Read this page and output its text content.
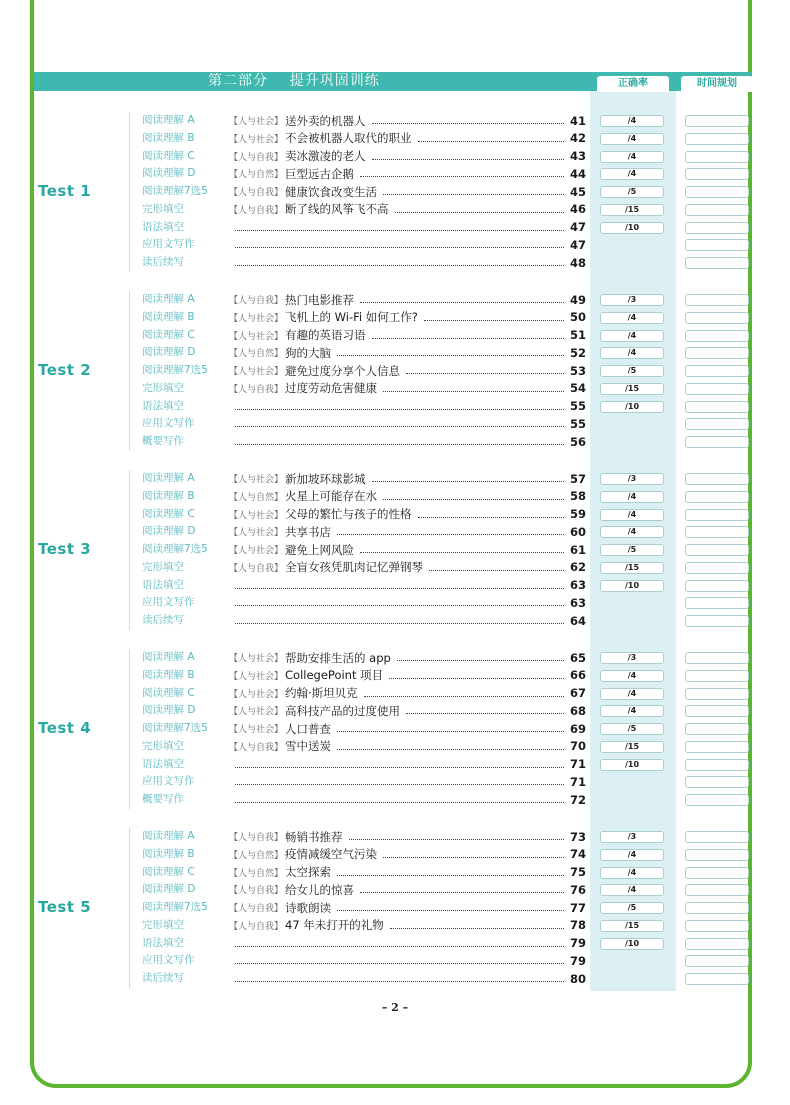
第二部分    提升巩固训练	正确率	时间规划
Test 1
阅读理解 A	【人与社会】 送外卖的机器人	41	/4
阅读理解 B	【人与社会】 不会被机器人取代的职业	42	/4
阅读理解 C	【人与自我】 卖冰激凌的老人	43	/4
阅读理解 D	【人与自然】 巨型远古企鹅	44	/4
阅读理解7选5 【人与自我】 健康饮食改变生活	45	/5
完形填空	【人与自我】 断了线的风筝飞不高	46	/15
语法填空	47	/10
应用文写作	47
读后续写	48
Test 2
阅读理解 A	【人与自我】 热门电影推荐	49	/3
阅读理解 B	【人与社会】 飞机上的 Wi-Fi 如何工作?	50	/4
阅读理解 C	【人与社会】 有趣的英语习语	51	/4
阅读理解 D	【人与自然】 狗的大脑	52	/4
阅读理解7选5 【人与社会】 避免过度分享个人信息	53	/5
完形填空	【人与自我】 过度劳动危害健康	54	/15
语法填空	55	/10
应用文写作	55
概要写作	56
Test 3
阅读理解 A	【人与社会】 新加坡环球影城	57	/3
阅读理解 B	【人与自然】 火星上可能存在水	58	/4
阅读理解 C	【人与社会】 父母的繁忙与孩子的性格	59	/4
阅读理解 D	【人与社会】 共享书店	60	/4
阅读理解7选5 【人与社会】 避免上网风险	61	/5
完形填空	【人与自我】 全盲女孩凭肌肉记忆弹钢琴	62	/15
语法填空	63	/10
应用文写作	63
读后续写	64
Test 4
阅读理解 A	【人与社会】 帮助安排生活的 app	65	/3
阅读理解 B	【人与社会】 CollegePoint 项目	66	/4
阅读理解 C	【人与社会】 约翰·斯坦贝克	67	/4
阅读理解 D	【人与社会】 高科技产品的过度使用	68	/4
阅读理解7选5 【人与社会】 人口普查	69	/5
完形填空	【人与自我】 雪中送炭	70	/15
语法填空	71	/10
应用文写作	71
概要写作	72
Test 5
阅读理解 A	【人与自我】 畅销书推荐	73	/3
阅读理解 B	【人与自然】 疫情减缓空气污染	74	/4
阅读理解 C	【人与自然】 太空探索	75	/4
阅读理解 D	【人与自我】 给女儿的惊喜	76	/4
阅读理解7选5 【人与自我】 诗歌朗读	77	/5
完形填空	【人与自我】 47 年未打开的礼物	78	/15
语法填空	79	/10
应用文写作	79
读后续写	80
– 2 –
